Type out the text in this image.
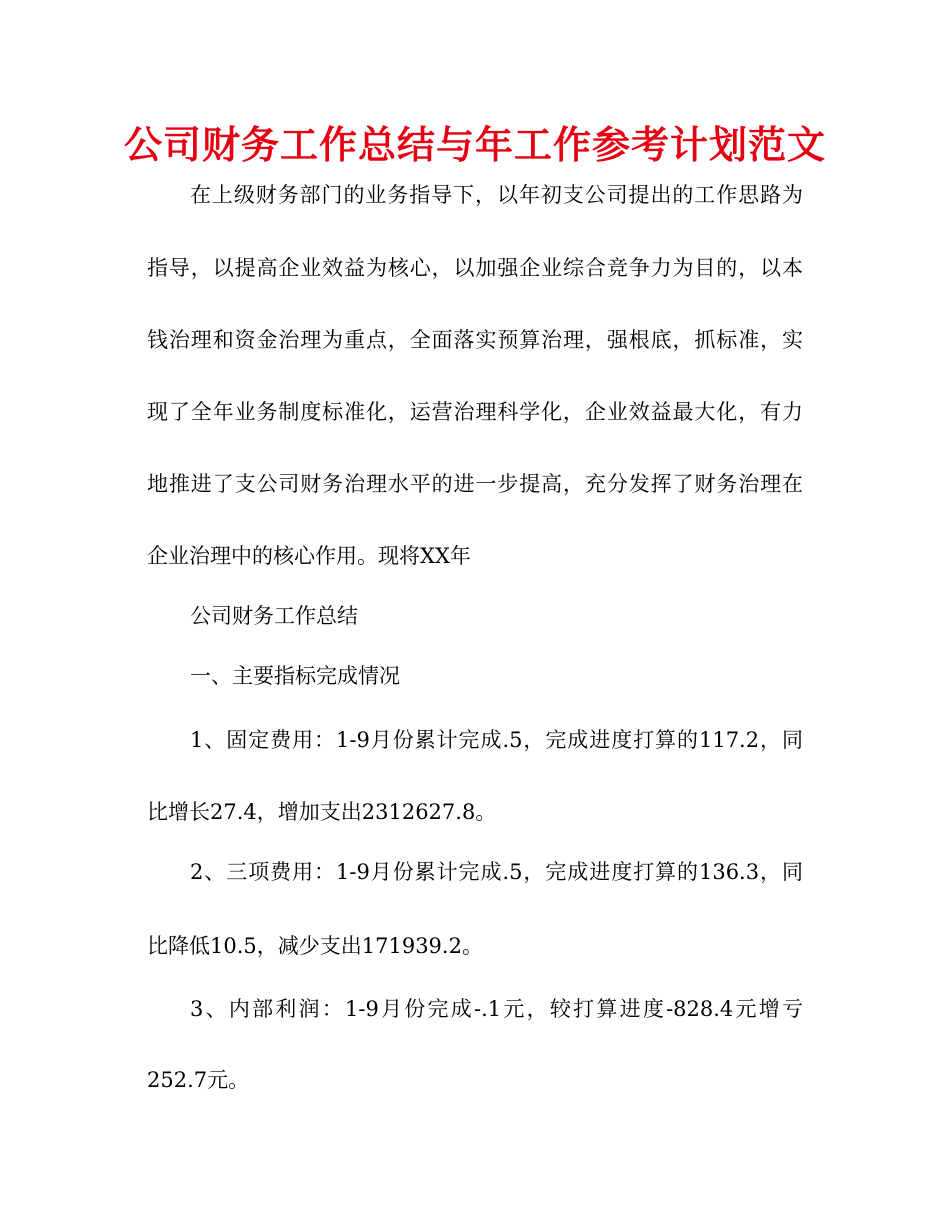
公司财务工作总结与年工作参考计划范文
在上级财务部门的业务指导下，以年初支公司提出的工作思路为
指导，以提高企业效益为核心，以加强企业综合竞争力为目的，以本
钱治理和资金治理为重点，全面落实预算治理，强根底，抓标准，实
现了全年业务制度标准化，运营治理科学化，企业效益最大化，有力
地推进了支公司财务治理水平的进一步提高，充分发挥了财务治理在
企业治理中的核心作用。现将XX年
公司财务工作总结
一、主要指标完成情况
1、固定费用：1-9月份累计完成.5，完成进度打算的117.2，同
比增长27.4，增加支出2312627.8。
2、三项费用：1-9月份累计完成.5，完成进度打算的136.3，同
比降低10.5，减少支出171939.2。
3、内部利润：1-9月份完成-.1元，较打算进度-828.4元增亏
252.7元。
